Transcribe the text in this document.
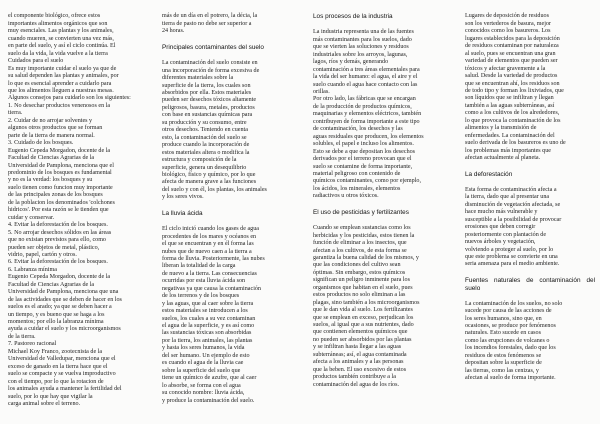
el componente biológico, ofrece estos
importantes alimentos orgánicos que son
muy esenciales. Las plantas y los animales,
cuando mueren, se convierten una vez más,
en parte del suelo, y así el ciclo continúa. El
suelo da la vida, la vida vuelve a la tierra
Cuidados para el suelo
Es muy importante cuidar el suelo ya que de
su salud dependen las plantas y animales, por
lo que es esencial aprender a cuidarlo para
que los alimentos lleguen a nuestras mesas.
Algunos consejos para cuidarlo son los siguientes:
1. No desechar productos venenosos en la
tierra.
2. Cuidar de no arrojar solventes y
algunos otros productos que se forman
parte de la tierra de manera normal.
3. Cuidado de los bosques.
Eugenio Cepeda Morgadon, docente de la
Facultad de Ciencias Agrarias de la
Universidad de Pamplona, menciona que el
predominio de los bosques es fundamental
y no es la verdad: los bosques y su
suelo tienen como funcion muy importante
de las principales zonas de los bosques
de la poblacion los denominados 'colchones
hidricos'. Por esta razón se le tienden que
cuidar y conservar.
4. Evitar la deforestación de los bosques.
5. No arrojar desechos sólidos en las áreas
que no existan previstos para ello, como
pueden ser objetos de metal, plástico,
vidrio, papel, cartón y otros.
6. Evitar la deforestación de los bosques.
6. Labranza mínima
Eugenio Cepeda Morgadon, docente de la
Facultad de Ciencias Agrarias de la
Universidad de Pamplona, menciona que una
de las actividades que se deben de hacer en los
suelos es el arado; ya que se deben hacer a
un tiempo, y es bueno que se haga a los
momentos; por ello la labranza mínima
ayuda a cuidar el suelo y los microorganismos
de la tierra.
7. Pastoreo racional
Michael Koy Franco, zootecnista de la
Universidad de Valledupar, menciona que el
exceso de ganado en la tierra hace que el
suelo se compacte y se vuelva improductivo
con el tiempo, por lo que la rotacion de
los animales ayuda a mantener la fertilidad del
suelo, por lo que hay que vigilar la
carga animal sobre el terreno.

más de un día en el potrero, la décia, la
tierra de pasto no debe ser superior a
24 horas.

Principales contaminantes del suelo

La contaminación del suelo consiste en
una incorporación de forma excesiva de
diferentes materiales sobre la
superficie de la tierra, los cuales son
absorbidos por ella. Estos materiales
pueden ser desechos tóxicos altamente
peligrosos, basura, metales, productos
con base en sustancias químicas para
su producción y su consumo, entre
otros desechos. Teniendo en cuenta
esto, la contaminación del suelo se
produce cuando la incorporación de
estos materiales altera o modifica la
estructura y composición de la
superficie, genera un desequilibrio
biológico, físico y químico, por lo que
afecta de manera grave a las funciones
del suelo y con él, los plantas, los animales
y los seres vivos.

La lluvia ácida

El ciclo inició cuando los gases de agua
procedentes de los mares y océanos en
el que se encuentran y en él forma las
nubes que de nuevo caen a la tierra a
forma de lluvia. Posteriormente, las nubes
liberan la totalidad de la carga
de nuevo a la tierra. Las consecuencias
ocurridas por esta lluvia ácida son
negativas ya que causa la contaminación
de los terrenos y de los bosques
y las aguas, que al caer sobre la tierra
estos materiales se introducen a los
suelos, los cuales a su vez contaminan
el agua de la superficie, y es así como
las sustancias tóxicas son absorbidas
por la tierra, los animales, las plantas
y hasta los seres humanos, la vida
del ser humano. Un ejemplo de esto
es cuando el agua de la lluvia cae
sobre la superficie del suelo que
tiene un químico de azufre, que al caer
lo absorbe, se forma con el agua
su conocido nombre: lluvia ácida,
y produce la contaminación del suelo.

Los procesos de la industria

La industria representa una de las fuentes
más contaminantes para los suelos, dado
que se vierten las soluciones y residuos
industriales sobre los arroyos, lagunas,
lagos, ríos y demás, generando
contaminación a tres áreas elementales para
la vida del ser humano: el agua, el aire y el
suelo cuando el agua hace contacto con las
orillas.
Por otro lado, las fábricas que se encargan
de la producción de productos químicos,
maquinarias y elementos eléctricos, también
contribuyen de forma importante a este tipo
de contaminación, los desechos y las
aguas residuales que producen, los elementos
solubles, el papel e incluso los alimentos.
Esto se debe a que depositan los desechos
derivados por el terreno provocan que el
suelo se contamine de forma importante,
material peligroso con contenido de
químicos contaminantes, como por ejemplo,
los ácidos, los minerales, elementos
radiactivos u otros tóxicos.

El uso de pesticidas y fertilizantes

Cuando se emplean sustancias como los
herbicidas y los pesticidas, estos tienen la
función de eliminar a los insectos, que
afectan a los cultivos, de esta forma se
garantiza la buena calidad de los mismos, y
que las condiciones del cultivo sean
óptimas. Sin embargo, estos químicos
significan un peligro inminente para los
organismos que habitan en el suelo, pues
estos productos no solo eliminan a las
plagas, sino también a los microorganismos
que le dan vida al suelo. Los fertilizantes
que se emplean en exceso, perjudican los
suelos, al igual que a sus nutrientes, dado
que contienen elementos químicos que
no pueden ser absorbidos por las plantas
y se infiltran hasta llegar a las aguas
subterráneas; así, el agua contaminada
afecta a los animales y a las personas
que la beben. El uso excesivo de estos
productos también contribuye a la
contaminación del agua de los ríos.

Lugares de deposición de residuos
son los vertederos de basura, mejor
conocidos como los basureros. Los
lugares establecidos para la deposición
de residuos contaminan por naturaleza
al suelo, pues se encuentran una gran
variedad de elementos que pueden ser
tóxicos y afectar gravemente a la
salud. Desde la variedad de productos
que se encuentran ahí, los residuos son
de todo tipo y forman los lixiviados, que
son líquidos que se infiltran y llegan
también a las aguas subterráneas, así
como a los cultivos de los alrededores,
lo que provoca la contaminación de los
alimentos y la transmisión de
enfermedades. La contaminación del
suelo derivada de los basureros es uno de
los problemas más importantes que
afectan actualmente al planeta.

La deforestación

Esta forma de contaminación afecta a
la tierra, dado que al presentar una
disminución de vegetación afectada, se
hace mucho más vulnerable y
susceptible a la posibilidad de provocar
erosiones que deben corregir
posteriormente con plantación de
nuevos árboles y vegetación,
volviendo a proteger al suelo, por lo
que este problema se convierte en una
seria amenaza para el medio ambiente.

Fuentes naturales de contaminación del suelo

La contaminación de los suelos, no solo
sucede por causa de las acciones de
los seres humanos, sino que, en
ocasiones, se produce por fenómenos
naturales. Esto sucede en casos
como las erupciones de volcanes o
los incendios forestales, dado que los
residuos de estos fenómenos se
depositan sobre la superficie de
las tierras, como las cenizas, y
afectan al suelo de forma importante.
